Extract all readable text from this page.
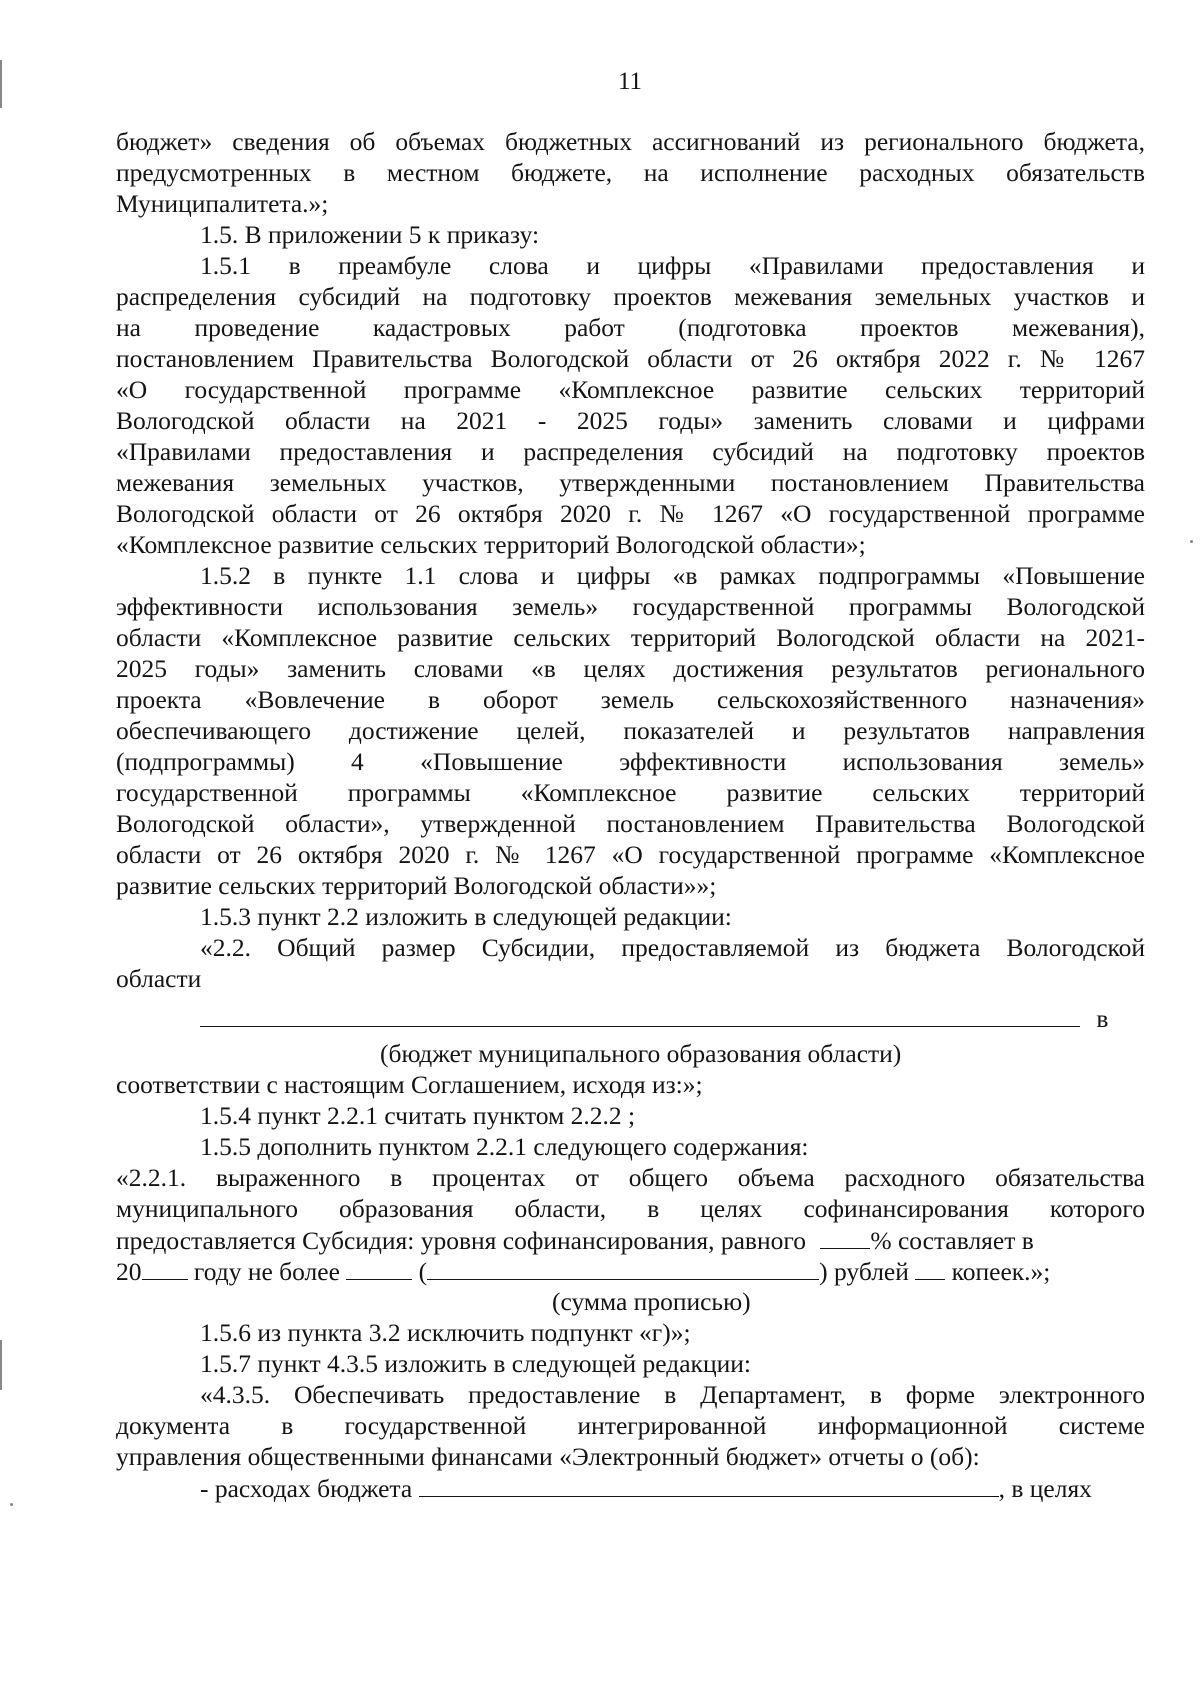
11
бюджет» сведения об объемах бюджетных ассигнований из регионального бюджета,
предусмотренных в местном бюджете, на исполнение расходных обязательств
Муниципалитета.»;
1.5. В приложении 5 к приказу:
1.5.1 в преамбуле слова и цифры «Правилами предоставления и
распределения субсидий на подготовку проектов межевания земельных участков и
на проведение кадастровых работ (подготовка проектов межевания),
постановлением Правительства Вологодской области от 26 октября 2022 г. № 1267
«О государственной программе «Комплексное развитие сельских территорий
Вологодской области на 2021 - 2025 годы» заменить словами и цифрами
«Правилами предоставления и распределения субсидий на подготовку проектов
межевания земельных участков, утвержденными постановлением Правительства
Вологодской области от 26 октября 2020 г. № 1267 «О государственной программе
«Комплексное развитие сельских территорий Вологодской области»;
1.5.2 в пункте 1.1 слова и цифры «в рамках подпрограммы «Повышение
эффективности использования земель» государственной программы Вологодской
области «Комплексное развитие сельских территорий Вологодской области на 2021-
2025 годы» заменить словами «в целях достижения результатов регионального
проекта «Вовлечение в оборот земель сельскохозяйственного назначения»
обеспечивающего достижение целей, показателей и результатов направления
(подпрограммы) 4 «Повышение эффективности использования земель»
государственной программы «Комплексное развитие сельских территорий
Вологодской области», утвержденной постановлением Правительства Вологодской
области от 26 октября 2020 г. № 1267 «О государственной программе «Комплексное
развитие сельских территорий Вологодской области»»;
1.5.3 пункт 2.2 изложить в следующей редакции:
«2.2. Общий размер Субсидии, предоставляемой из бюджета Вологодской
области
в
(бюджет муниципального образования области)
соответствии с настоящим Соглашением, исходя из:»;
1.5.4 пункт 2.2.1 считать пунктом 2.2.2 ;
1.5.5 дополнить пунктом 2.2.1 следующего содержания:
«2.2.1. выраженного в процентах от общего объема расходного обязательства
муниципального образования области, в целях софинансирования которого
предоставляется Субсидия: уровня софинансирования, равного	% составляет в
20 году не более	(	) рублей копеек.»;
(сумма прописью)
1.5.6 из пункта 3.2 исключить подпункт «г)»;
1.5.7 пункт 4.3.5 изложить в следующей редакции:
«4.3.5. Обеспечивать предоставление в Департамент, в форме электронного
документа в государственной интегрированной информационной системе
управления общественными финансами «Электронный бюджет» отчеты о (об):
- расходах бюджета	, в целях
